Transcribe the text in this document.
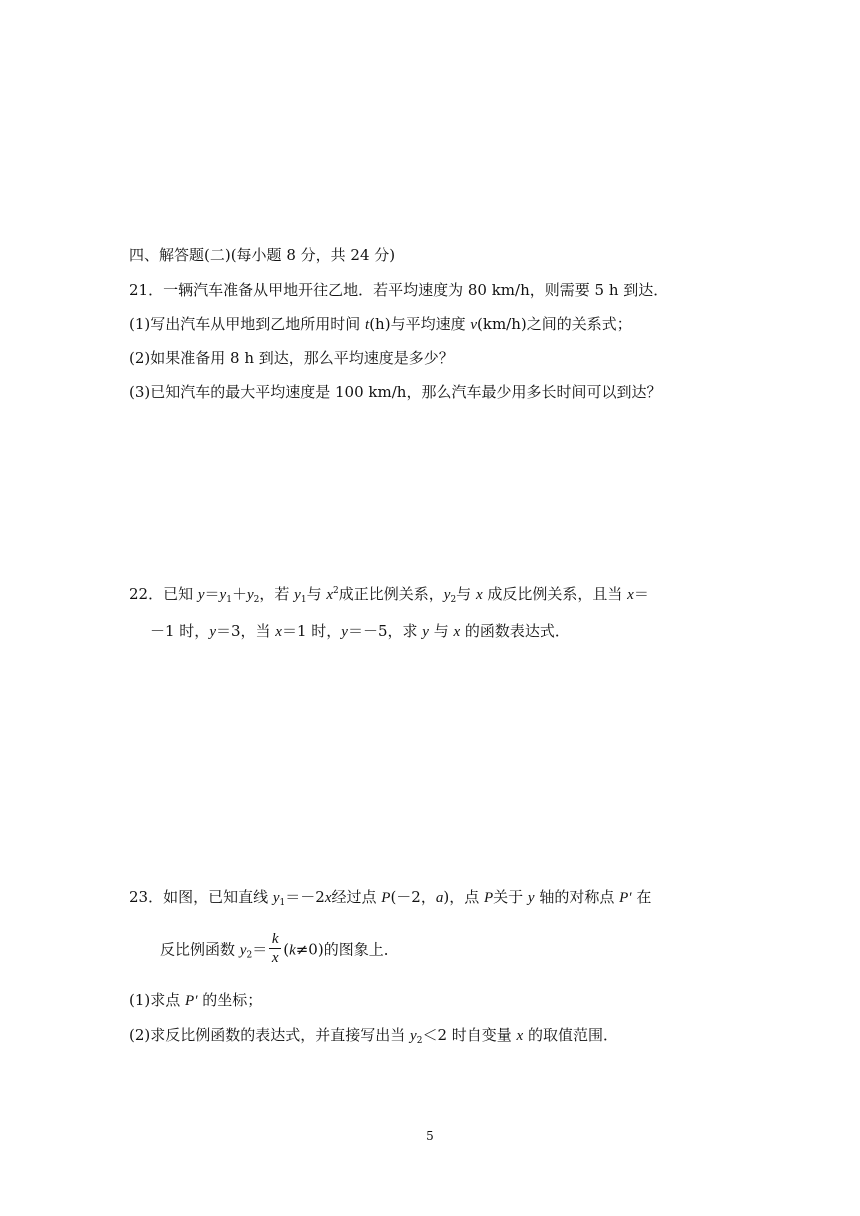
四、解答题(二)(每小题 8 分，共 24 分)
21．一辆汽车准备从甲地开往乙地．若平均速度为 80 km/h，则需要 5 h 到达．
(1)写出汽车从甲地到乙地所用时间 t(h)与平均速度 v(km/h)之间的关系式；
(2)如果准备用 8 h 到达，那么平均速度是多少？
(3)已知汽车的最大平均速度是 100 km/h，那么汽车最少用多长时间可以到达？
22．已知 $y=y_1+y_2$，若 $y_1$与 $x^2$成正比例关系，$y_2$与 x 成反比例关系，且当 x＝
－1 时，y＝3，当 x＝1 时，y＝－5，求 y 与 x 的函数表达式．
23．如图，已知直线 $y_1=-2x$经过点 P(－2，a)，点 P关于 y 轴的对称点 P′ 在
反比例函数 $y_2= \frac{k}{x} (k\ne 0)$的图象上．
(1)求点 P′ 的坐标；
(2)求反比例函数的表达式，并直接写出当 $y_2<2$ 时自变量 x 的取值范围．
5
